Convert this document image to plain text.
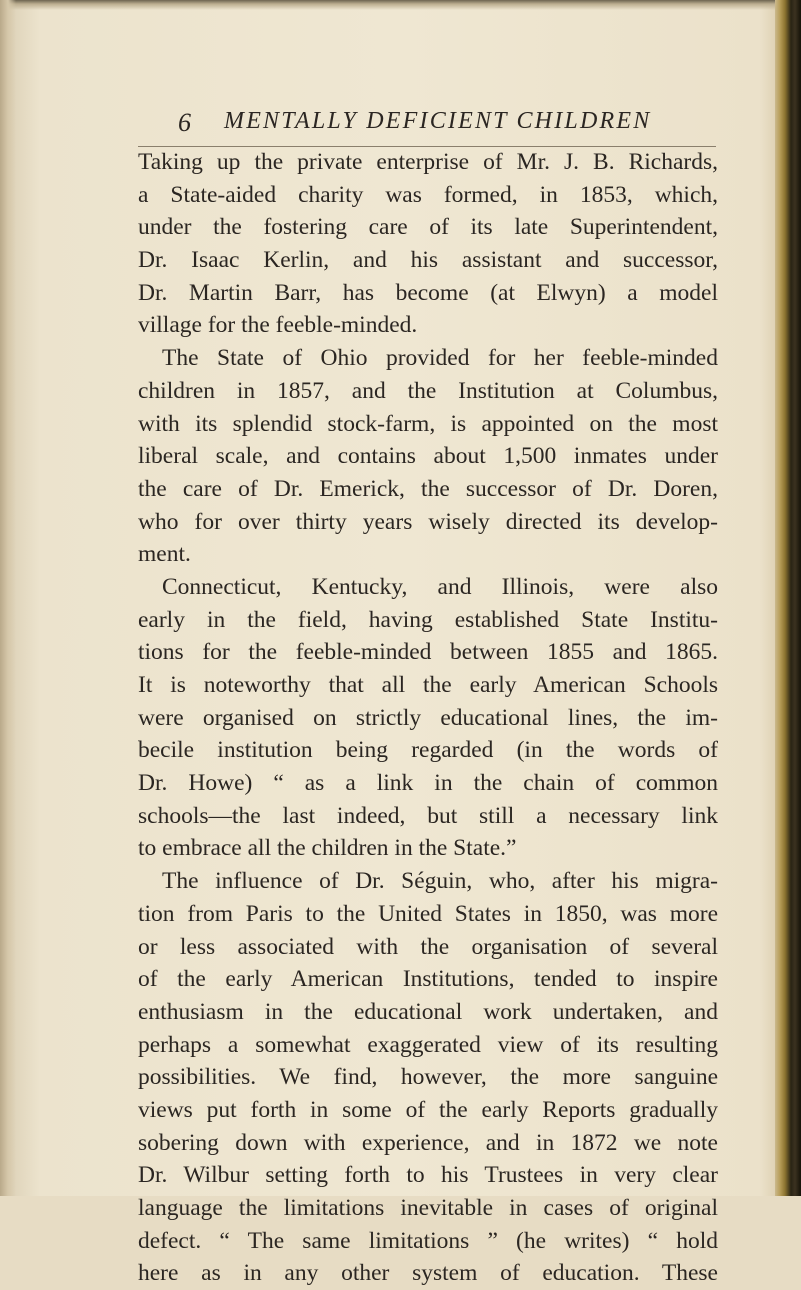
6 MENTALLY DEFICIENT CHILDREN
Taking up the private enterprise of Mr. J. B. Richards,
a State-aided charity was formed, in 1853, which,
under the fostering care of its late Superintendent,
Dr. Isaac Kerlin, and his assistant and successor,
Dr. Martin Barr, has become (at Elwyn) a model
village for the feeble-minded.
The State of Ohio provided for her feeble-minded
children in 1857, and the Institution at Columbus,
with its splendid stock-farm, is appointed on the most
liberal scale, and contains about 1,500 inmates under
the care of Dr. Emerick, the successor of Dr. Doren,
who for over thirty years wisely directed its develop-
ment.
Connecticut, Kentucky, and Illinois, were also
early in the field, having established State Institu-
tions for the feeble-minded between 1855 and 1865.
It is noteworthy that all the early American Schools
were organised on strictly educational lines, the im-
becile institution being regarded (in the words of
Dr. Howe) “ as a link in the chain of common
schools—the last indeed, but still a necessary link
to embrace all the children in the State.”
The influence of Dr. Séguin, who, after his migra-
tion from Paris to the United States in 1850, was more
or less associated with the organisation of several
of the early American Institutions, tended to inspire
enthusiasm in the educational work undertaken, and
perhaps a somewhat exaggerated view of its resulting
possibilities. We find, however, the more sanguine
views put forth in some of the early Reports gradually
sobering down with experience, and in 1872 we note
Dr. Wilbur setting forth to his Trustees in very clear
language the limitations inevitable in cases of original
defect. “ The same limitations ” (he writes) “ hold
here as in any other system of education. These
